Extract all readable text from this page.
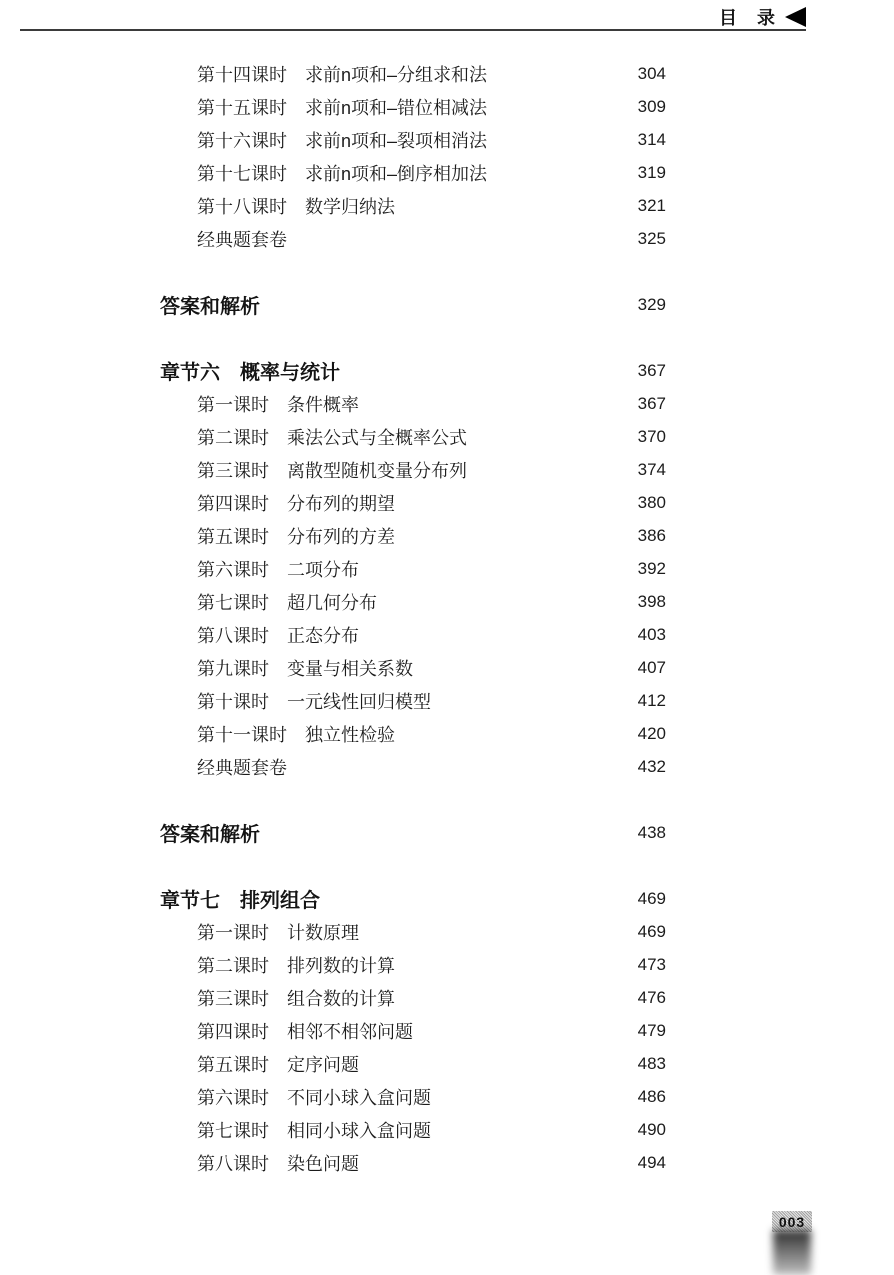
目　录
第十四课时 求前n项和–分组求和法	304
第十五课时 求前n项和–错位相减法	309
第十六课时 求前n项和–裂项相消法	314
第十七课时 求前n项和–倒序相加法	319
第十八课时 数学归纳法	321
经典题套卷	325
答案和解析	329
章节六 概率与统计	367
第一课时 条件概率	367
第二课时 乘法公式与全概率公式	370
第三课时 离散型随机变量分布列	374
第四课时 分布列的期望	380
第五课时 分布列的方差	386
第六课时 二项分布	392
第七课时 超几何分布	398
第八课时 正态分布	403
第九课时 变量与相关系数	407
第十课时 一元线性回归模型	412
第十一课时 独立性检验	420
经典题套卷	432
答案和解析	438
章节七 排列组合	469
第一课时 计数原理	469
第二课时 排列数的计算	473
第三课时 组合数的计算	476
第四课时 相邻不相邻问题	479
第五课时 定序问题	483
第六课时 不同小球入盒问题	486
第七课时 相同小球入盒问题	490
第八课时 染色问题	494
003
